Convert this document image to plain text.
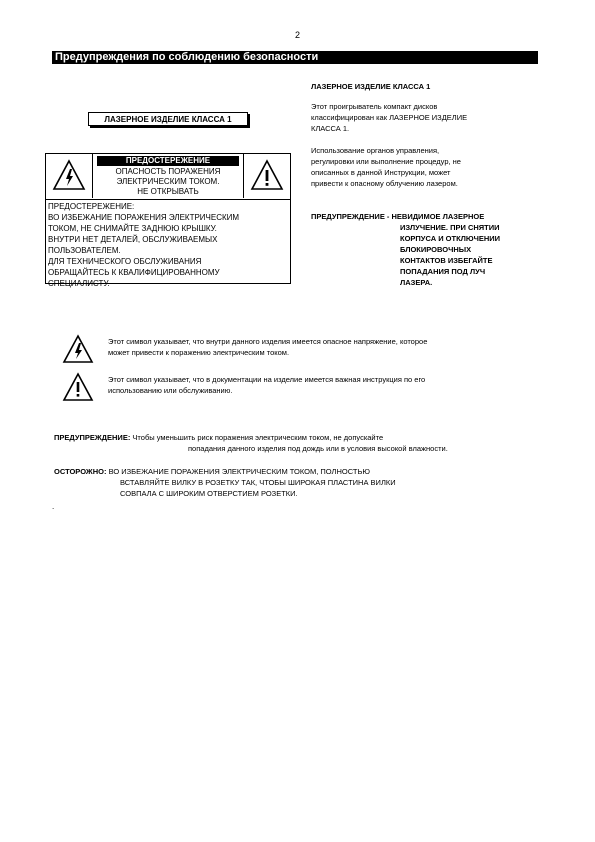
2
Предупреждения по соблюдению безопасности
ЛАЗЕРНОЕ ИЗДЕЛИЕ КЛАССА 1
ПРЕДОСТЕРЕЖЕНИЕ
ОПАСНОСТЬ ПОРАЖЕНИЯ
ЭЛЕКТРИЧЕСКИМ ТОКОМ.
НЕ ОТКРЫВАТЬ
ПРЕДОСТЕРЕЖЕНИЕ:
ВО ИЗБЕЖАНИЕ ПОРАЖЕНИЯ ЭЛЕКТРИЧЕСКИМ
ТОКОМ, НЕ СНИМАЙТЕ ЗАДНЮЮ КРЫШКУ.
ВНУТРИ НЕТ ДЕТАЛЕЙ, ОБСЛУЖИВАЕМЫХ
ПОЛЬЗОВАТЕЛЕМ.
ДЛЯ ТЕХНИЧЕСКОГО ОБСЛУЖИВАНИЯ
ОБРАЩАЙТЕСЬ К КВАЛИФИЦИРОВАННОМУ
СПЕЦИАЛИСТУ.
ЛАЗЕРНОЕ ИЗДЕЛИЕ КЛАССА 1
Этот проигрыватель компакт дисков
классифицирован как ЛАЗЕРНОЕ ИЗДЕЛИЕ
КЛАССА 1.
Использование органов управления,
регулировки или выполнение процедур, не
описанных в данной Инструкции, может
привести к опасному облучению лазером.
ПРЕДУПРЕЖДЕНИЕ - НЕВИДИМОЕ ЛАЗЕРНОЕ
ИЗЛУЧЕНИЕ. ПРИ СНЯТИИ
КОРПУСА И ОТКЛЮЧЕНИИ
БЛОКИРОВОЧНЫХ
КОНТАКТОВ ИЗБЕГАЙТЕ
ПОПАДАНИЯ ПОД ЛУЧ
ЛАЗЕРА.
Этот символ указывает, что внутри данного изделия имеется опасное напряжение, которое
может привести к поражению электрическим током.
Этот символ указывает, что в документации на изделие имеется важная инструкция по его
использованию или обслуживанию.
ПРЕДУПРЕЖДЕНИЕ: Чтобы уменьшить риск поражения электрическим током, не допускайте
попадания данного изделия под дождь или в условия высокой влажности.
ОСТОРОЖНО: ВО ИЗБЕЖАНИЕ ПОРАЖЕНИЯ ЭЛЕКТРИЧЕСКИМ ТОКОМ, ПОЛНОСТЬЮ
ВСТАВЛЯЙТЕ ВИЛКУ В РОЗЕТКУ ТАК, ЧТОБЫ ШИРОКАЯ ПЛАСТИНА ВИЛКИ
СОВПАЛА С ШИРОКИМ ОТВЕРСТИЕМ РОЗЕТКИ.
.
